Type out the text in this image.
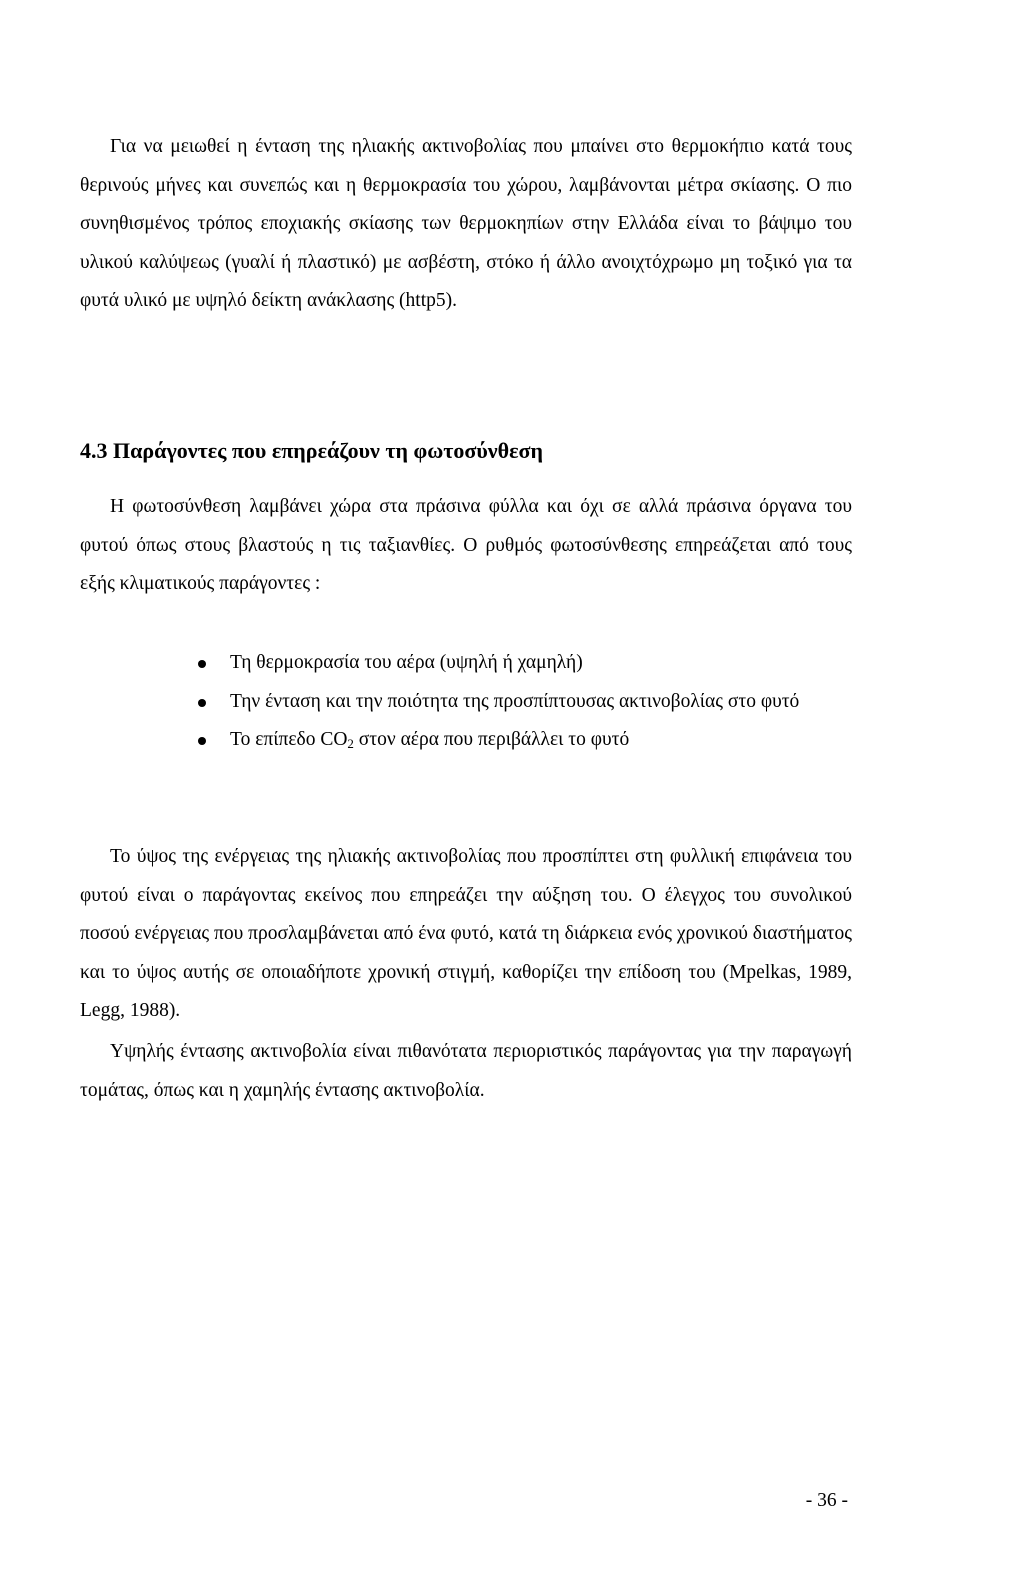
Για να μειωθεί η ένταση της ηλιακής ακτινοβολίας που μπαίνει στο θερμοκήπιο κατά τους θερινούς μήνες και συνεπώς και η θερμοκρασία του χώρου, λαμβάνονται μέτρα σκίασης. Ο πιο συνηθισμένος τρόπος εποχιακής σκίασης των θερμοκηπίων στην Ελλάδα είναι το βάψιμο του υλικού καλύψεως (γυαλί ή πλαστικό) με ασβέστη, στόκο ή άλλο ανοιχτόχρωμο μη τοξικό για τα φυτά υλικό με υψηλό δείκτη ανάκλασης (http5).

4.3 Παράγοντες που επηρεάζουν τη φωτοσύνθεση

Η φωτοσύνθεση λαμβάνει χώρα στα πράσινα φύλλα και όχι σε αλλά πράσινα όργανα του φυτού όπως στους βλαστούς η τις ταξιανθίες. Ο ρυθμός φωτοσύνθεσης επηρεάζεται από τους εξής κλιματικούς παράγοντες :

Τη θερμοκρασία του αέρα (υψηλή ή χαμηλή)
Την ένταση και την ποιότητα της προσπίπτουσας ακτινοβολίας στο φυτό
Το επίπεδο $CO_2$ στον αέρα που περιβάλλει το φυτό

Το ύψος της ενέργειας της ηλιακής ακτινοβολίας που προσπίπτει στη φυλλική επιφάνεια του φυτού είναι ο παράγοντας εκείνος που επηρεάζει την αύξηση του. Ο έλεγχος του συνολικού ποσού ενέργειας που προσλαμβάνεται από ένα φυτό, κατά τη διάρκεια ενός χρονικού διαστήματος και το ύψος αυτής σε οποιαδήποτε χρονική στιγμή, καθορίζει την επίδοση του (Mpelkas, 1989, Legg, 1988).

Υψηλής έντασης ακτινοβολία είναι πιθανότατα περιοριστικός παράγοντας για την παραγωγή τομάτας, όπως και η χαμηλής έντασης ακτινοβολία.

- 36 -
